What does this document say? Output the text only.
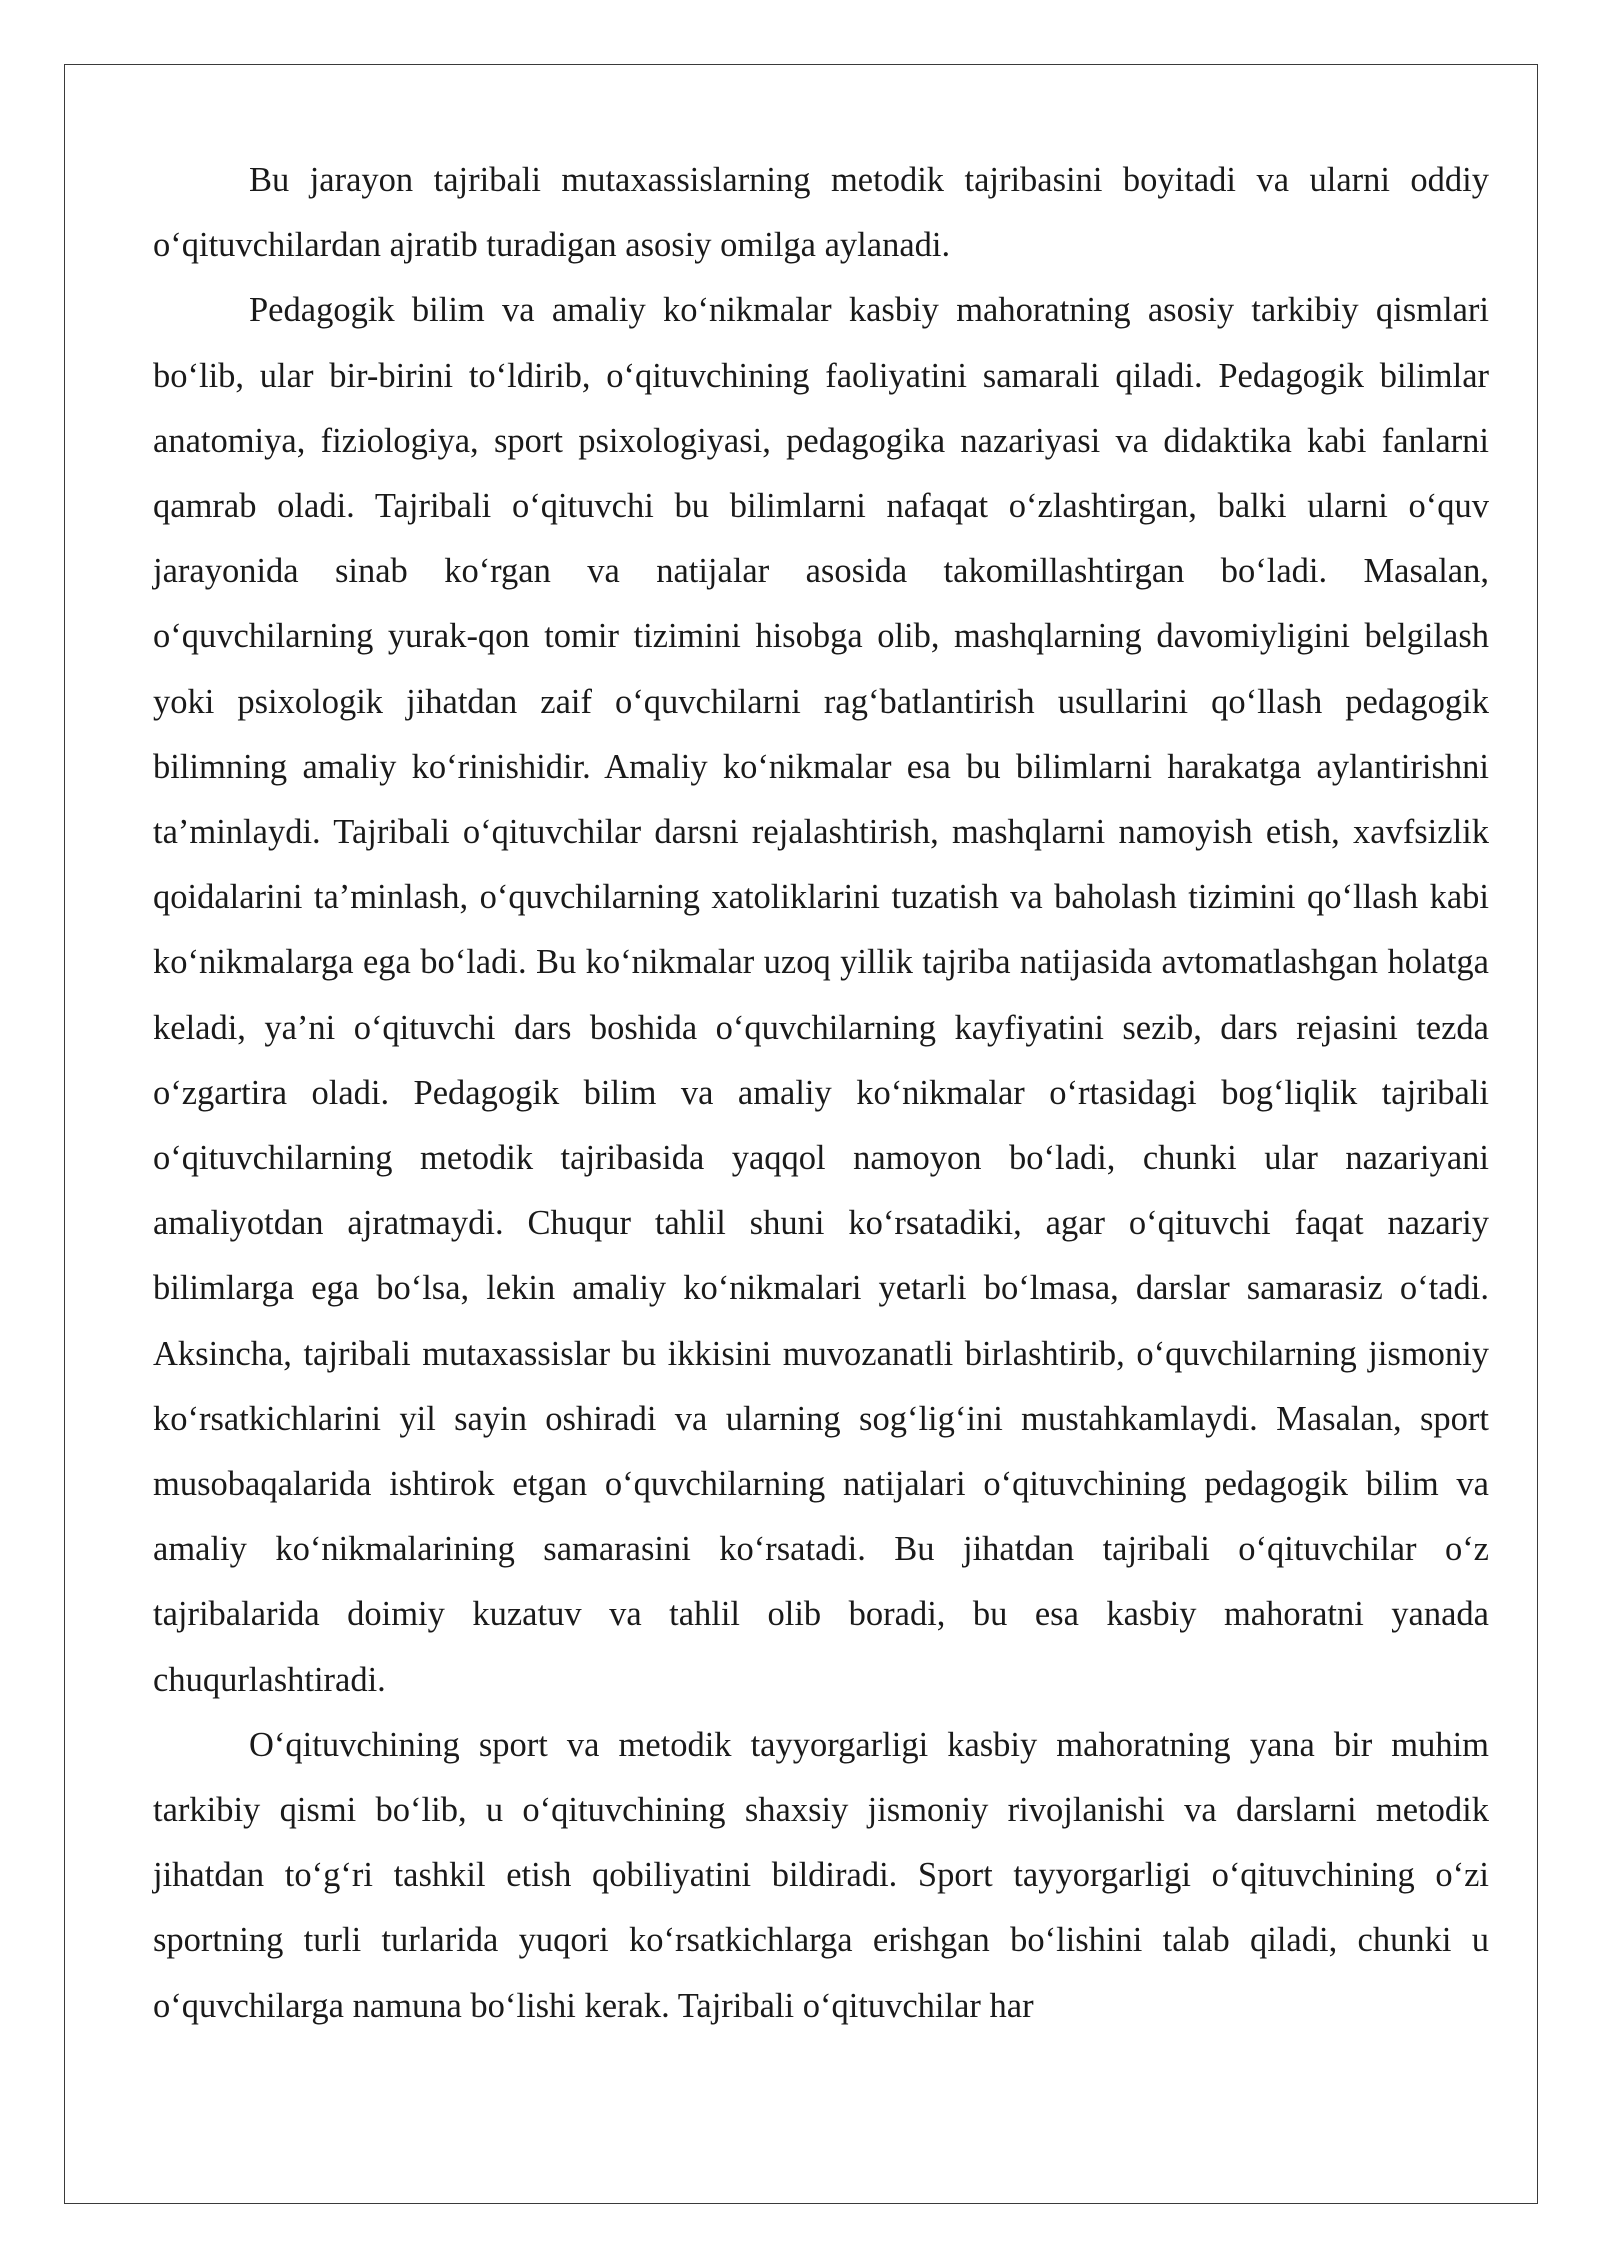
Bu jarayon tajribali mutaxassislarning metodik tajribasini boyitadi va ularni oddiy o‘qituvchilardan ajratib turadigan asosiy omilga aylanadi.

Pedagogik bilim va amaliy ko‘nikmalar kasbiy mahoratning asosiy tarkibiy qismlari bo‘lib, ular bir-birini to‘ldirib, o‘qituvchining faoliyatini samarali qiladi. Pedagogik bilimlar anatomiya, fiziologiya, sport psixologiyasi, pedagogika nazariyasi va didaktika kabi fanlarni qamrab oladi. Tajribali o‘qituvchi bu bilimlarni nafaqat o‘zlashtirgan, balki ularni o‘quv jarayonida sinab ko‘rgan va natijalar asosida takomillashtirgan bo‘ladi. Masalan, o‘quvchilarning yurak-qon tomir tizimini hisobga olib, mashqlarning davomiyligini belgilash yoki psixologik jihatdan zaif o‘quvchilarni rag‘batlantirish usullarini qo‘llash pedagogik bilimning amaliy ko‘rinishidir. Amaliy ko‘nikmalar esa bu bilimlarni harakatga aylantirishni ta’minlaydi. Tajribali o‘qituvchilar darsni rejalashtirish, mashqlarni namoyish etish, xavfsizlik qoidalarini ta’minlash, o‘quvchilarning xatoliklarini tuzatish va baholash tizimini qo‘llash kabi ko‘nikmalarga ega bo‘ladi. Bu ko‘nikmalar uzoq yillik tajriba natijasida avtomatlashgan holatga keladi, ya’ni o‘qituvchi dars boshida o‘quvchilarning kayfiyatini sezib, dars rejasini tezda o‘zgartira oladi. Pedagogik bilim va amaliy ko‘nikmalar o‘rtasidagi bog‘liqlik tajribali o‘qituvchilarning metodik tajribasida yaqqol namoyon bo‘ladi, chunki ular nazariyani amaliyotdan ajratmaydi. Chuqur tahlil shuni ko‘rsatadiki, agar o‘qituvchi faqat nazariy bilimlarga ega bo‘lsa, lekin amaliy ko‘nikmalari yetarli bo‘lmasa, darslar samarasiz o‘tadi. Aksincha, tajribali mutaxassislar bu ikkisini muvozanatli birlashtirib, o‘quvchilarning jismoniy ko‘rsatkichlarini yil sayin oshiradi va ularning sog‘lig‘ini mustahkamlaydi. Masalan, sport musobaqalarida ishtirok etgan o‘quvchilarning natijalari o‘qituvchining pedagogik bilim va amaliy ko‘nikmalarining samarasini ko‘rsatadi. Bu jihatdan tajribali o‘qituvchilar o‘z tajribalarida doimiy kuzatuv va tahlil olib boradi, bu esa kasbiy mahoratni yanada chuqurlashtiradi.

O‘qituvchining sport va metodik tayyorgarligi kasbiy mahoratning yana bir muhim tarkibiy qismi bo‘lib, u o‘qituvchining shaxsiy jismoniy rivojlanishi va darslarni metodik jihatdan to‘g‘ri tashkil etish qobiliyatini bildiradi. Sport tayyorgarligi o‘qituvchining o‘zi sportning turli turlarida yuqori ko‘rsatkichlarga erishgan bo‘lishini talab qiladi, chunki u o‘quvchilarga namuna bo‘lishi kerak. Tajribali o‘qituvchilar har
